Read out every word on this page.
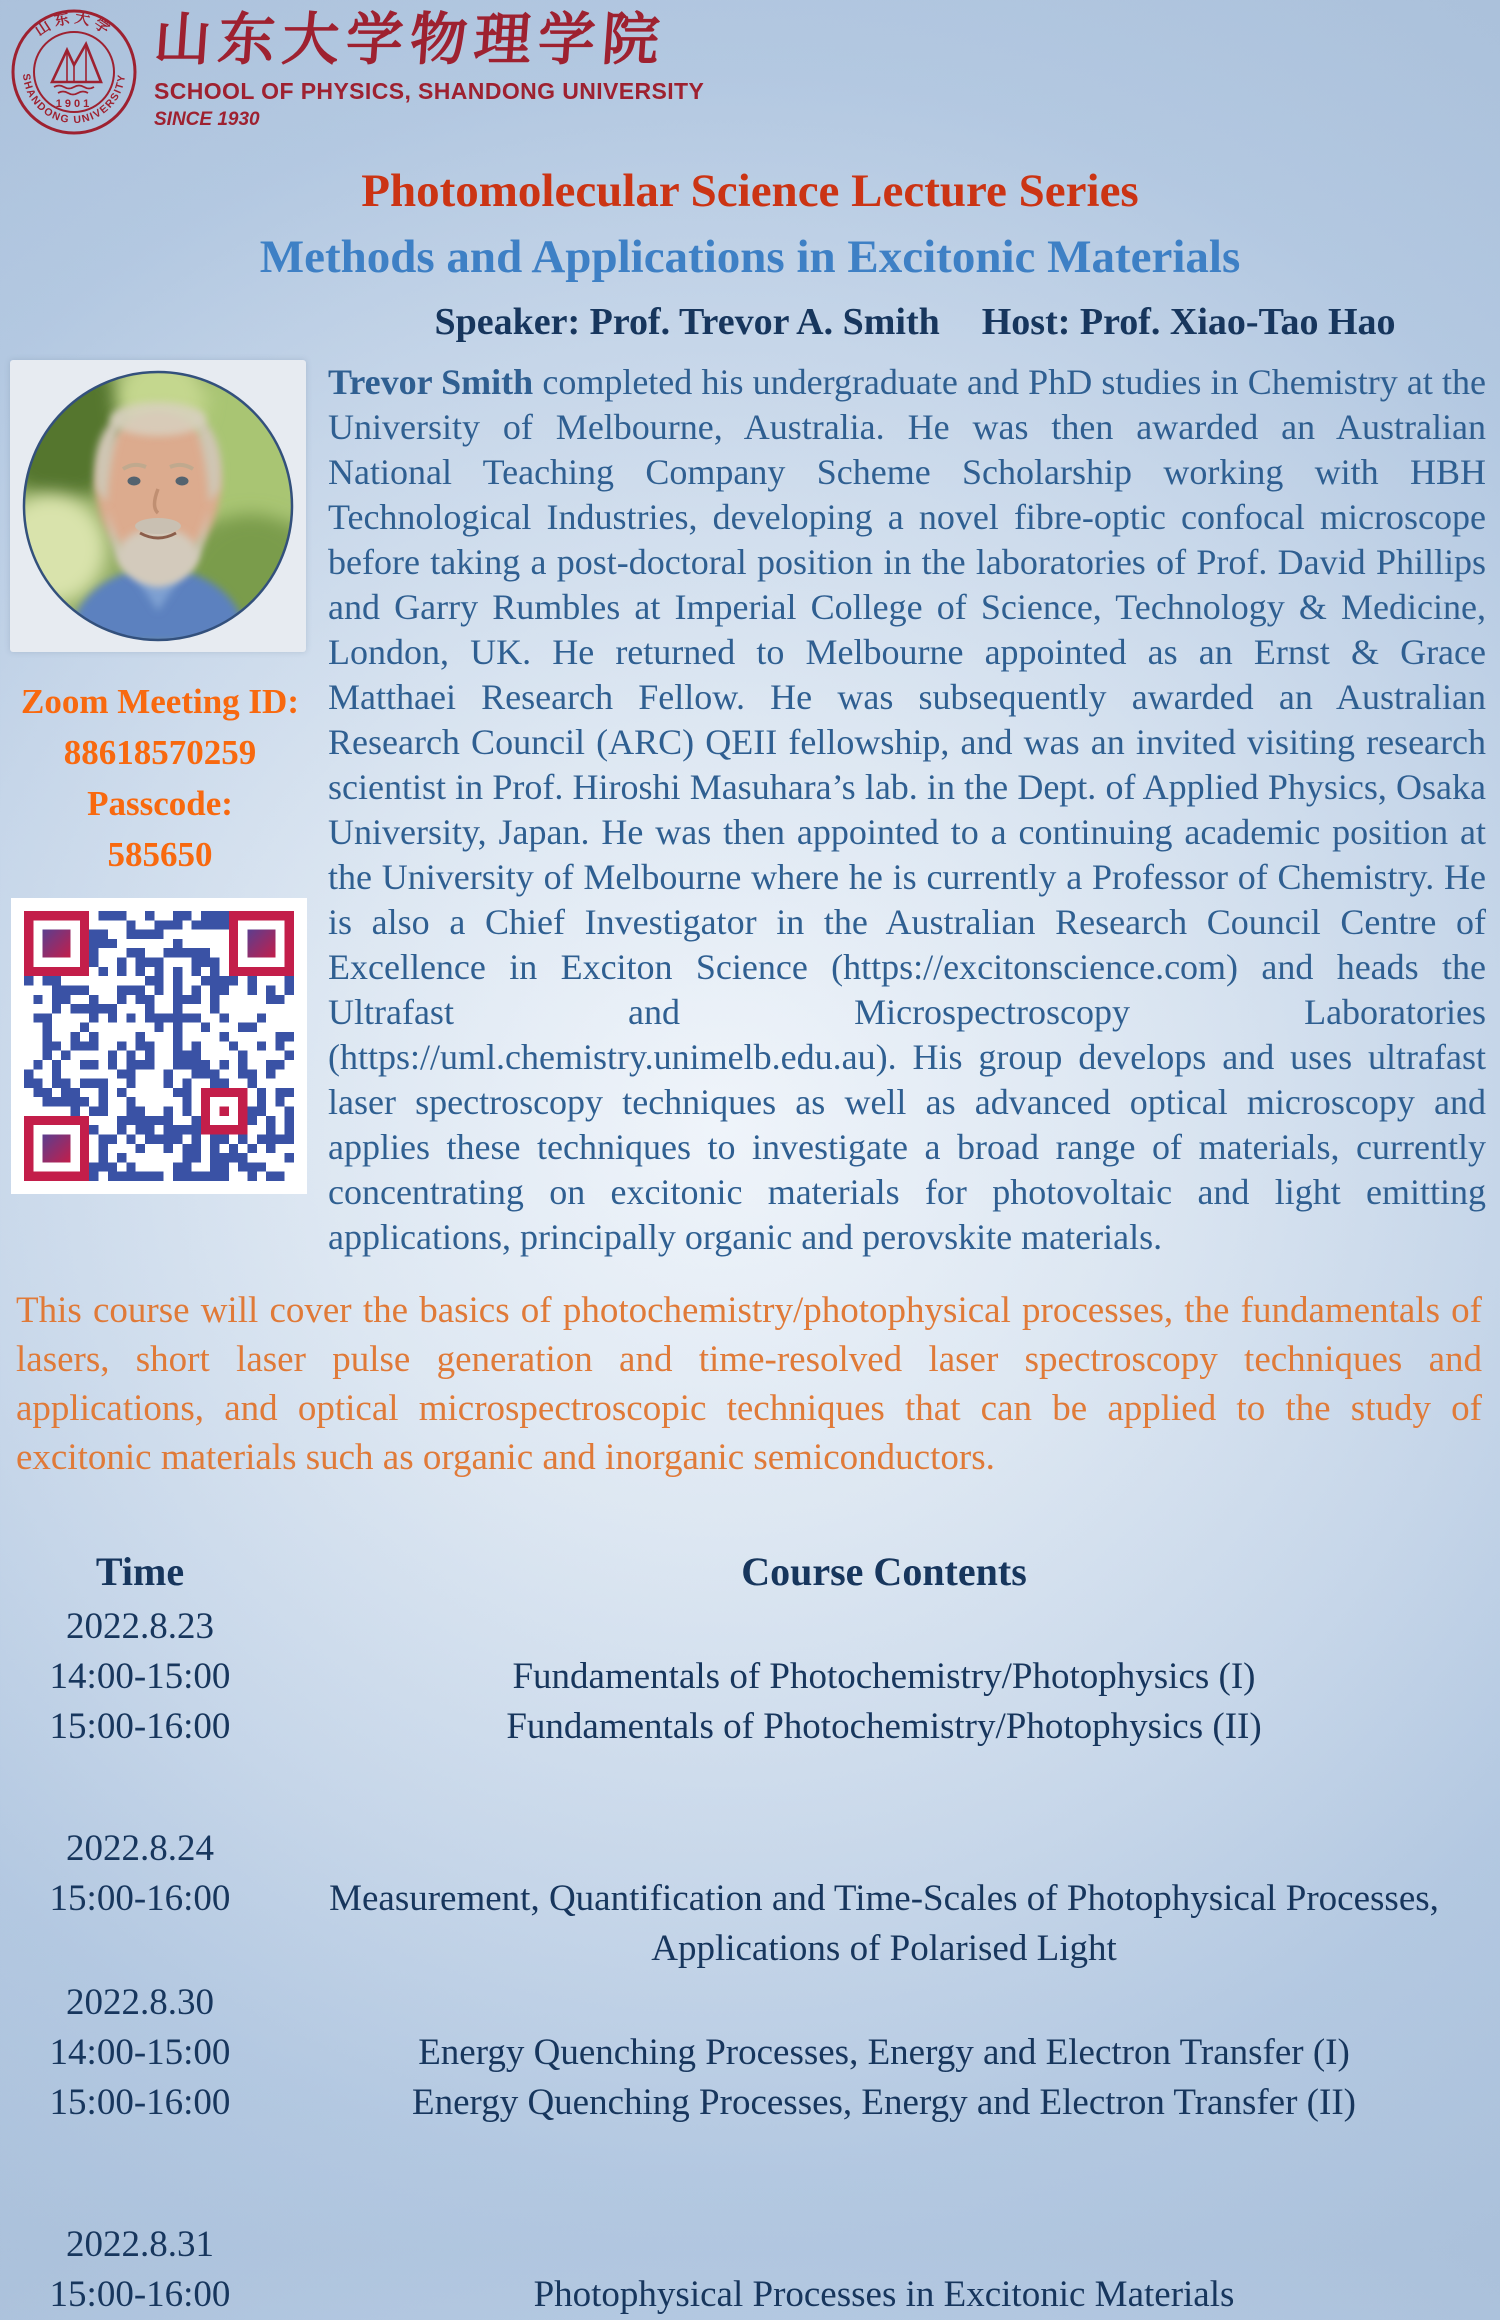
山东大学
SHANDONG UNIVERSITY
1901
山东大学物理学院
SCHOOL OF PHYSICS, SHANDONG UNIVERSITY
SINCE 1930
Photomolecular Science Lecture Series
Methods and Applications in Excitonic Materials
Speaker: Prof. Trevor A. Smith Host: Prof. Xiao-Tao Hao
Zoom Meeting ID:
88618570259
Passcode:
585650
Trevor Smith completed his undergraduate and PhD studies in Chemistry at the University of Melbourne, Australia. He was then awarded an Australian National Teaching Company Scheme Scholarship working with HBH Technological Industries, developing a novel fibre-optic confocal microscope before taking a post-doctoral position in the laboratories of Prof. David Phillips and Garry Rumbles at Imperial College of Science, Technology & Medicine, London, UK. He returned to Melbourne appointed as an Ernst & Grace Matthaei Research Fellow. He was subsequently awarded an Australian Research Council (ARC) QEII fellowship, and was an invited visiting research scientist in Prof. Hiroshi Masuhara’s lab. in the Dept. of Applied Physics, Osaka University, Japan. He was then appointed to a continuing academic position at the University of Melbourne where he is currently a Professor of Chemistry. He is also a Chief Investigator in the Australian Research Council Centre of Excellence in Exciton Science (https://excitonscience.com) and heads the Ultrafast and Microspectroscopy Laboratories (https://uml.chemistry.unimelb.edu.au). His group develops and uses ultrafast laser spectroscopy techniques as well as advanced optical microscopy and applies these techniques to investigate a broad range of materials, currently concentrating on excitonic materials for photovoltaic and light emitting applications, principally organic and perovskite materials.
This course will cover the basics of photochemistry/photophysical processes, the fundamentals of lasers, short laser pulse generation and time-resolved laser spectroscopy techniques and applications, and optical microspectroscopic techniques that can be applied to the study of excitonic materials such as organic and inorganic semiconductors.
Time	Course Contents
2022.8.23
14:00-15:00	Fundamentals of Photochemistry/Photophysics (I)
15:00-16:00	Fundamentals of Photochemistry/Photophysics (II)
2022.8.24
15:00-16:00	Measurement, Quantification and Time-Scales of Photophysical Processes, Applications of Polarised Light
2022.8.30
14:00-15:00	Energy Quenching Processes, Energy and Electron Transfer (I)
15:00-16:00	Energy Quenching Processes, Energy and Electron Transfer (II)
2022.8.31
15:00-16:00	Photophysical Processes in Excitonic Materials
